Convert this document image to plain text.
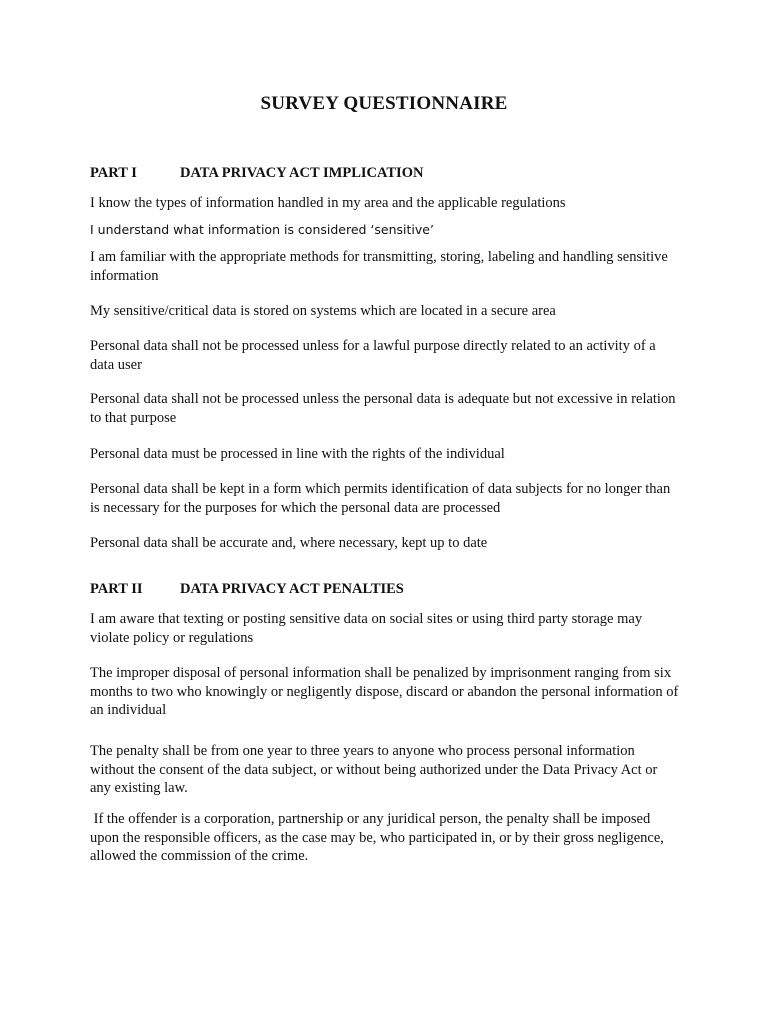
SURVEY QUESTIONNAIRE
PART I	DATA PRIVACY ACT IMPLICATION
I know the types of information handled in my area and the applicable regulations
I understand what information is considered ‘sensitive’
I am familiar with the appropriate methods for transmitting, storing, labeling and handling sensitive information
My sensitive/critical data is stored on systems which are located in a secure area
Personal data shall not be processed unless for a lawful purpose directly related to an activity of a data user
Personal data shall not be processed unless the personal data is adequate but not excessive in relation to that purpose
Personal data must be processed in line with the rights of the individual
Personal data shall be kept in a form which permits identification of data subjects for no longer than is necessary for the purposes for which the personal data are processed
Personal data shall be accurate and, where necessary, kept up to date
PART II	DATA PRIVACY ACT PENALTIES
I am aware that texting or posting sensitive data on social sites or using third party storage may violate policy or regulations
The improper disposal of personal information shall be penalized by imprisonment ranging from six months to two who knowingly or negligently dispose, discard or abandon the personal information of an individual
The penalty shall be from one year to three years to anyone who process personal information without the consent of the data subject, or without being authorized under the Data Privacy Act or any existing law.
If the offender is a corporation, partnership or any juridical person, the penalty shall be imposed upon the responsible officers, as the case may be, who participated in, or by their gross negligence, allowed the commission of the crime.
